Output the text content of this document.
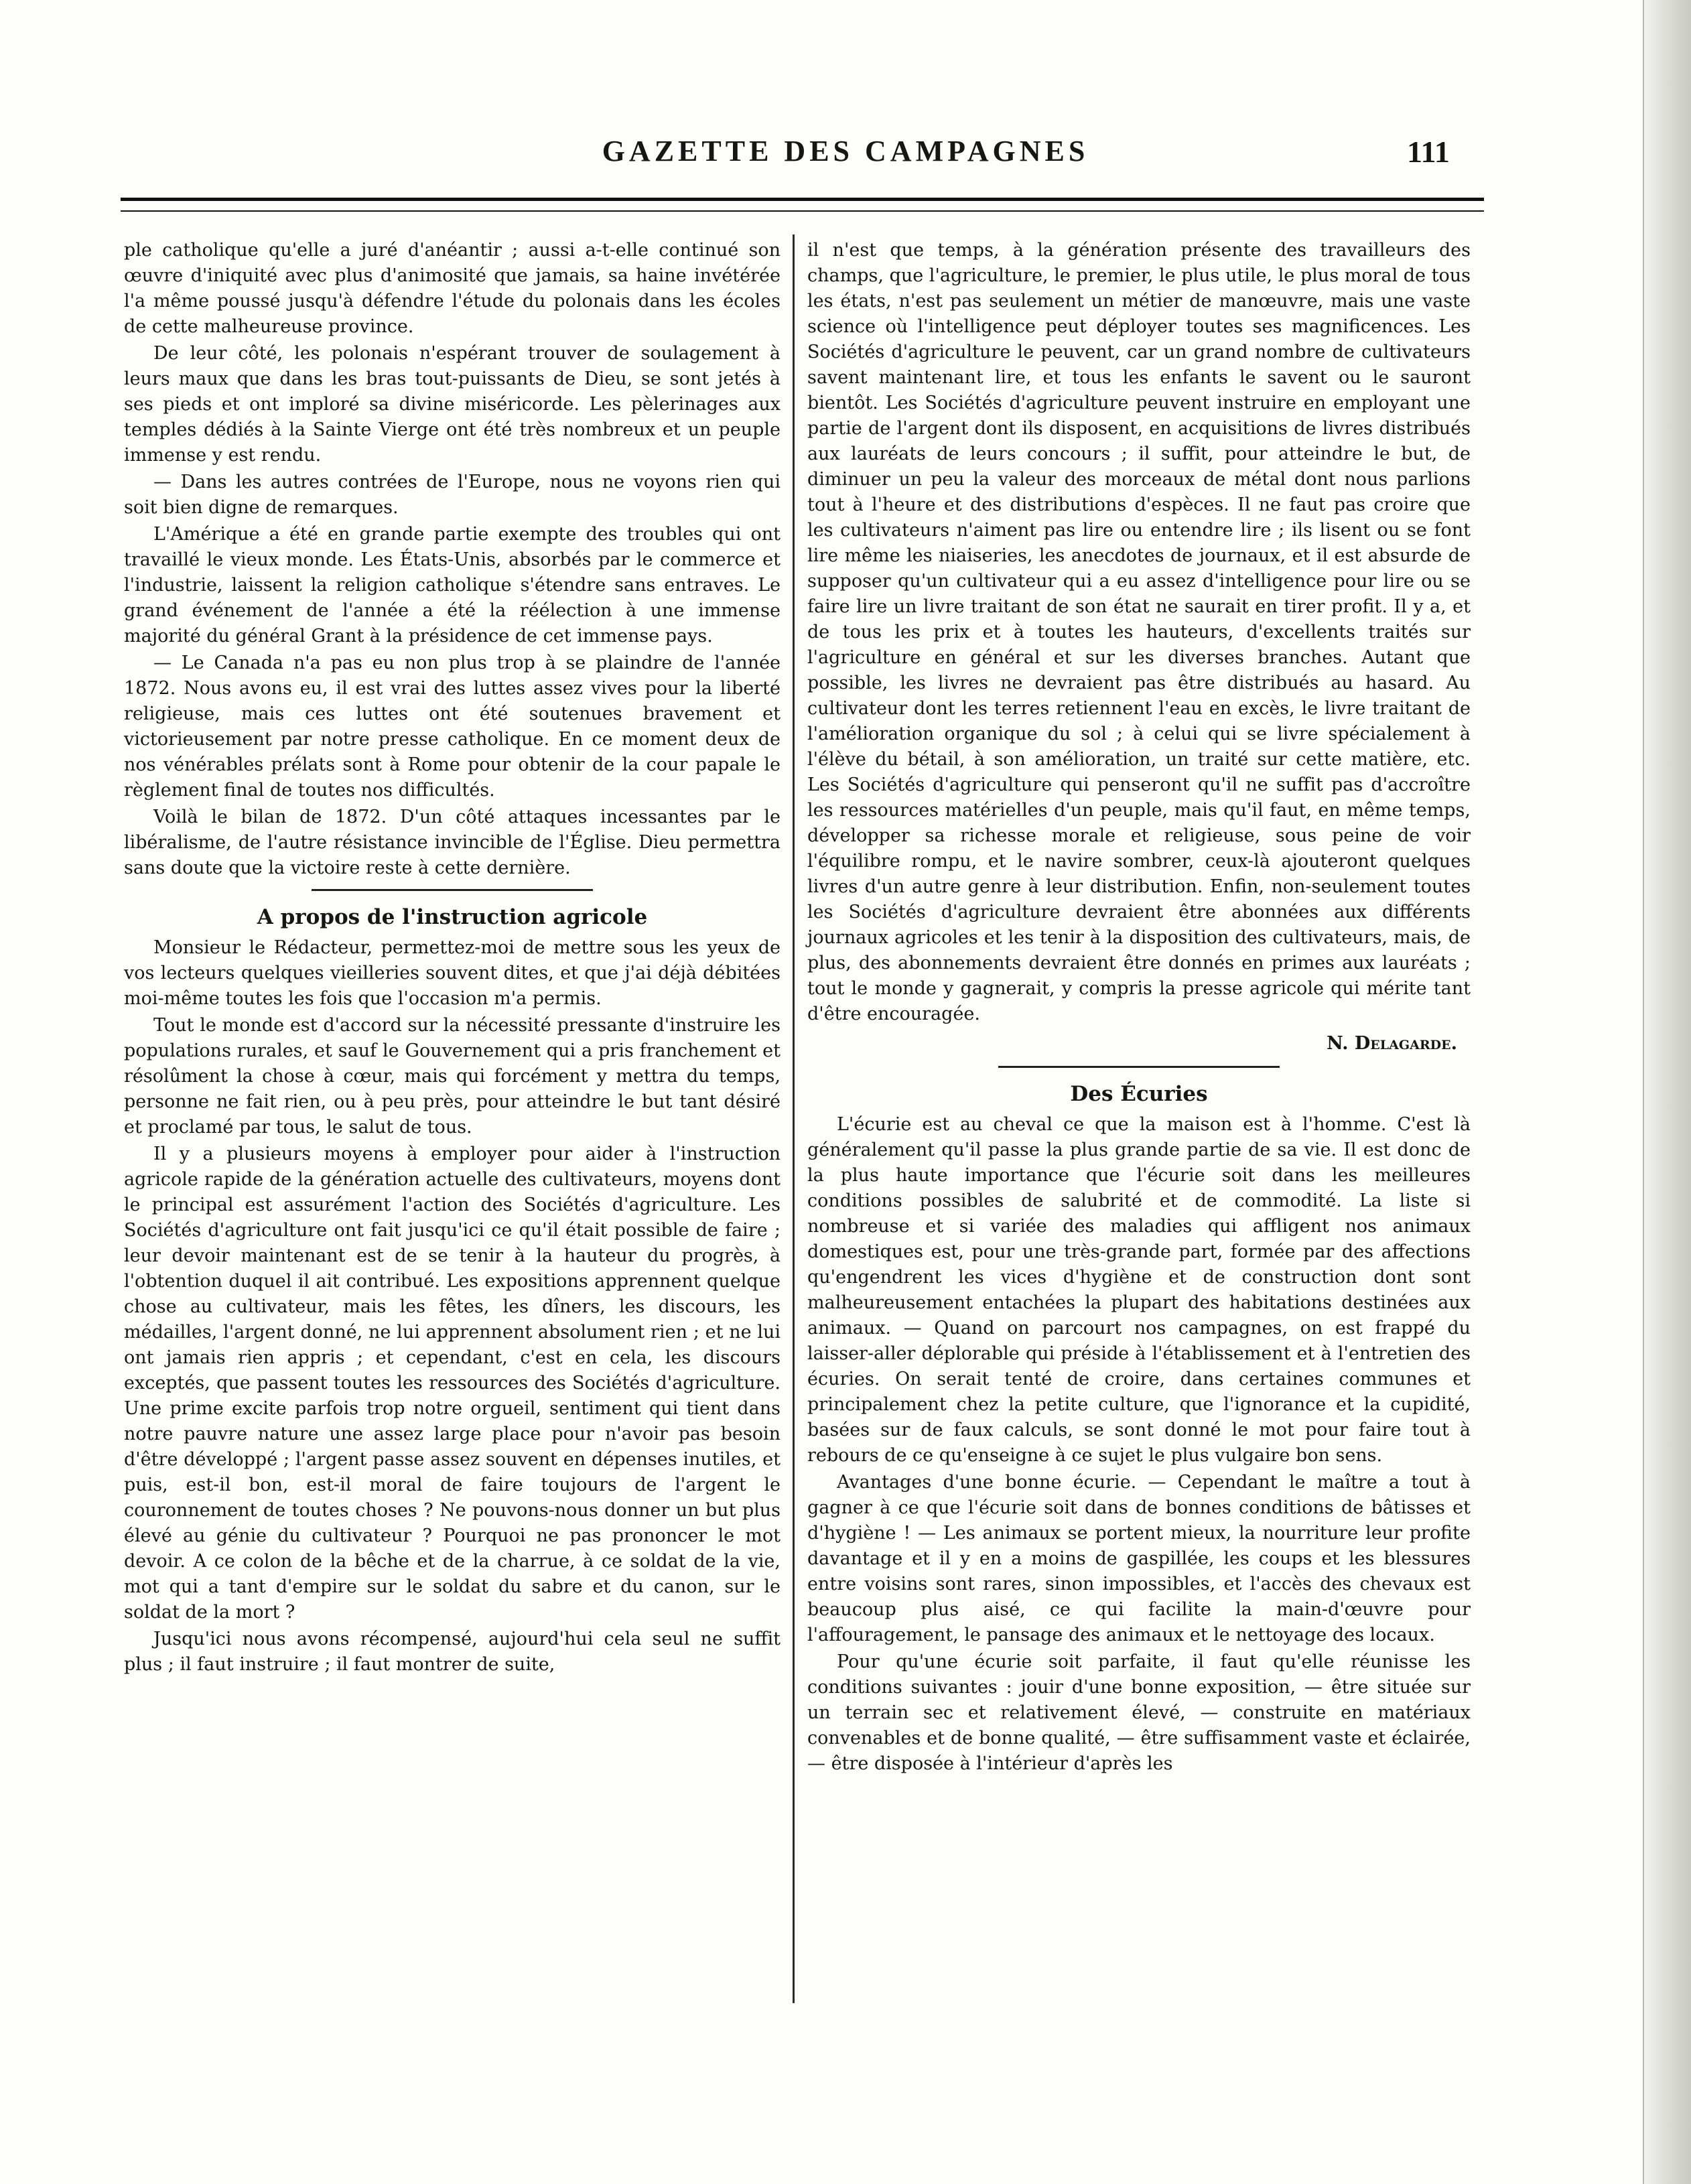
GAZETTE DES CAMPAGNES	111

ple catholique qu'elle a juré d'anéantir ; aussi a-t-elle continué son œuvre d'iniquité avec plus d'animosité que jamais, sa haine invétérée l'a même poussé jusqu'à défendre l'étude du polonais dans les écoles de cette malheureuse province.

De leur côté, les polonais n'espérant trouver de soulagement à leurs maux que dans les bras tout-puissants de Dieu, se sont jetés à ses pieds et ont imploré sa divine miséricorde. Les pèlerinages aux temples dédiés à la Sainte Vierge ont été très nombreux et un peuple immense y est rendu.

— Dans les autres contrées de l'Europe, nous ne voyons rien qui soit bien digne de remarques.

L'Amérique a été en grande partie exempte des troubles qui ont travaillé le vieux monde. Les États-Unis, absorbés par le commerce et l'industrie, laissent la religion catholique s'étendre sans entraves. Le grand événement de l'année a été la réélection à une immense majorité du général Grant à la présidence de cet immense pays.

— Le Canada n'a pas eu non plus trop à se plaindre de l'année 1872. Nous avons eu, il est vrai des luttes assez vives pour la liberté religieuse, mais ces luttes ont été soutenues bravement et victorieusement par notre presse catholique. En ce moment deux de nos vénérables prélats sont à Rome pour obtenir de la cour papale le règlement final de toutes nos difficultés.

Voilà le bilan de 1872. D'un côté attaques incessantes par le libéralisme, de l'autre résistance invincible de l'Église. Dieu permettra sans doute que la victoire reste à cette dernière.

A propos de l'instruction agricole

Monsieur le Rédacteur, permettez-moi de mettre sous les yeux de vos lecteurs quelques vieilleries souvent dites, et que j'ai déjà débitées moi-même toutes les fois que l'occasion m'a permis.

Tout le monde est d'accord sur la nécessité pressante d'instruire les populations rurales, et sauf le Gouvernement qui a pris franchement et résolûment la chose à cœur, mais qui forcément y mettra du temps, personne ne fait rien, ou à peu près, pour atteindre le but tant désiré et proclamé par tous, le salut de tous.

Il y a plusieurs moyens à employer pour aider à l'instruction agricole rapide de la génération actuelle des cultivateurs, moyens dont le principal est assurément l'action des Sociétés d'agriculture. Les Sociétés d'agriculture ont fait jusqu'ici ce qu'il était possible de faire ; leur devoir maintenant est de se tenir à la hauteur du progrès, à l'obtention duquel il ait contribué. Les expositions apprennent quelque chose au cultivateur, mais les fêtes, les dîners, les discours, les médailles, l'argent donné, ne lui apprennent absolument rien ; et ne lui ont jamais rien appris ; et cependant, c'est en cela, les discours exceptés, que passent toutes les ressources des Sociétés d'agriculture. Une prime excite parfois trop notre orgueil, sentiment qui tient dans notre pauvre nature une assez large place pour n'avoir pas besoin d'être développé ; l'argent passe assez souvent en dépenses inutiles, et puis, est-il bon, est-il moral de faire toujours de l'argent le couronnement de toutes choses ? Ne pouvons-nous donner un but plus élevé au génie du cultivateur ? Pourquoi ne pas prononcer le mot devoir. A ce colon de la bêche et de la charrue, à ce soldat de la vie, mot qui a tant d'empire sur le soldat du sabre et du canon, sur le soldat de la mort ?

Jusqu'ici nous avons récompensé, aujourd'hui cela seul ne suffit plus ; il faut instruire ; il faut montrer de suite,

il n'est que temps, à la génération présente des travailleurs des champs, que l'agriculture, le premier, le plus utile, le plus moral de tous les états, n'est pas seulement un métier de manœuvre, mais une vaste science où l'intelligence peut déployer toutes ses magnificences. Les Sociétés d'agriculture le peuvent, car un grand nombre de cultivateurs savent maintenant lire, et tous les enfants le savent ou le sauront bientôt. Les Sociétés d'agriculture peuvent instruire en employant une partie de l'argent dont ils disposent, en acquisitions de livres distribués aux lauréats de leurs concours ; il suffit, pour atteindre le but, de diminuer un peu la valeur des morceaux de métal dont nous parlions tout à l'heure et des distributions d'espèces. Il ne faut pas croire que les cultivateurs n'aiment pas lire ou entendre lire ; ils lisent ou se font lire même les niaiseries, les anecdotes de journaux, et il est absurde de supposer qu'un cultivateur qui a eu assez d'intelligence pour lire ou se faire lire un livre traitant de son état ne saurait en tirer profit. Il y a, et de tous les prix et à toutes les hauteurs, d'excellents traités sur l'agriculture en général et sur les diverses branches. Autant que possible, les livres ne devraient pas être distribués au hasard. Au cultivateur dont les terres retiennent l'eau en excès, le livre traitant de l'amélioration organique du sol ; à celui qui se livre spécialement à l'élève du bétail, à son amélioration, un traité sur cette matière, etc. Les Sociétés d'agriculture qui penseront qu'il ne suffit pas d'accroître les ressources matérielles d'un peuple, mais qu'il faut, en même temps, développer sa richesse morale et religieuse, sous peine de voir l'équilibre rompu, et le navire sombrer, ceux-là ajouteront quelques livres d'un autre genre à leur distribution. Enfin, non-seulement toutes les Sociétés d'agriculture devraient être abonnées aux différents journaux agricoles et les tenir à la disposition des cultivateurs, mais, de plus, des abonnements devraient être donnés en primes aux lauréats ; tout le monde y gagnerait, y compris la presse agricole qui mérite tant d'être encouragée.

N. Delagarde.
Des Écuries

L'écurie est au cheval ce que la maison est à l'homme. C'est là généralement qu'il passe la plus grande partie de sa vie. Il est donc de la plus haute importance que l'écurie soit dans les meilleures conditions possibles de salubrité et de commodité. La liste si nombreuse et si variée des maladies qui affligent nos animaux domestiques est, pour une très-grande part, formée par des affections qu'engendrent les vices d'hygiène et de construction dont sont malheureusement entachées la plupart des habitations destinées aux animaux. — Quand on parcourt nos campagnes, on est frappé du laisser-aller déplorable qui préside à l'établissement et à l'entretien des écuries. On serait tenté de croire, dans certaines communes et principalement chez la petite culture, que l'ignorance et la cupidité, basées sur de faux calculs, se sont donné le mot pour faire tout à rebours de ce qu'enseigne à ce sujet le plus vulgaire bon sens.

Avantages d'une bonne écurie. — Cependant le maître a tout à gagner à ce que l'écurie soit dans de bonnes conditions de bâtisses et d'hygiène ! — Les animaux se portent mieux, la nourriture leur profite davantage et il y en a moins de gaspillée, les coups et les blessures entre voisins sont rares, sinon impossibles, et l'accès des chevaux est beaucoup plus aisé, ce qui facilite la main-d'œuvre pour l'affouragement, le pansage des animaux et le nettoyage des locaux.

Pour qu'une écurie soit parfaite, il faut qu'elle réunisse les conditions suivantes : jouir d'une bonne exposition, — être située sur un terrain sec et relativement élevé, — construite en matériaux convenables et de bonne qualité, — être suffisamment vaste et éclairée, — être disposée à l'intérieur d'après les
